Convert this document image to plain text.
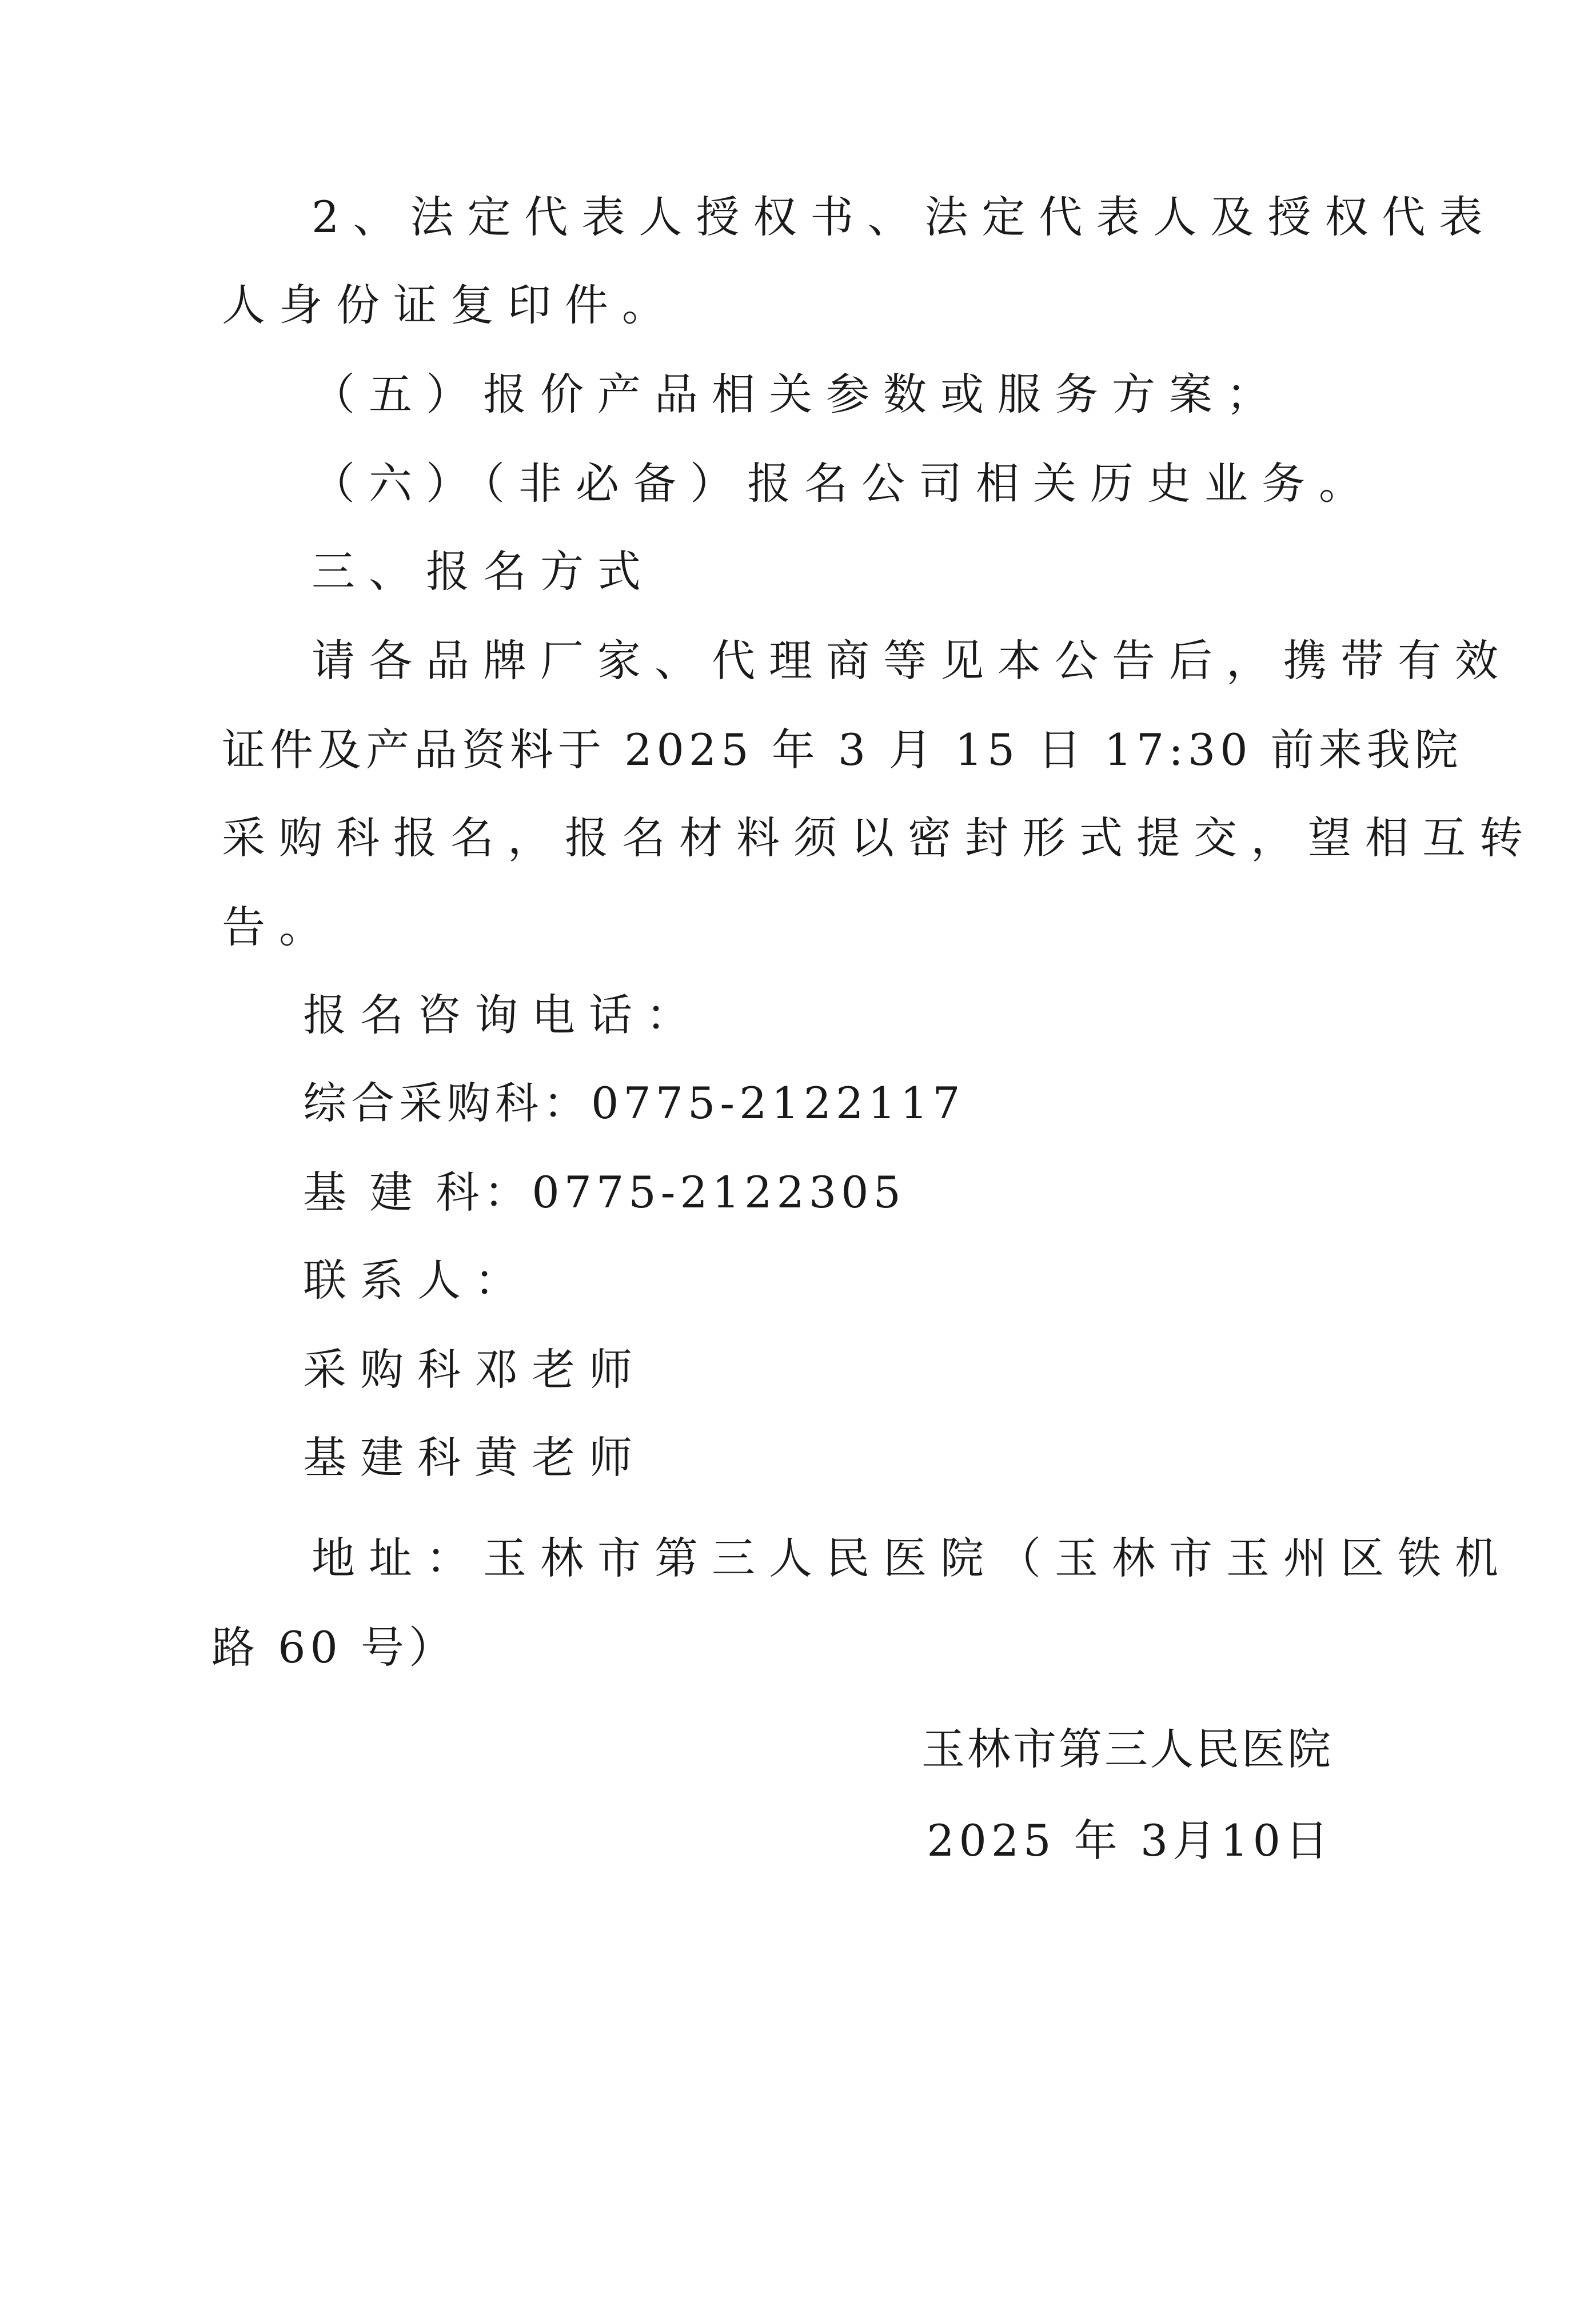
2、法定代表人授权书、法定代表人及授权代表
人身份证复印件。
（五）报价产品相关参数或服务方案；
（六）（非必备）报名公司相关历史业务。
三、报名方式
请各品牌厂家、代理商等见本公告后，携带有效
证件及产品资料于 2025 年 3 月 15 日 17:30 前来我院
采购科报名，报名材料须以密封形式提交，望相互转
告。
报名咨询电话：
综合采购科：0775-2122117
基 建 科：0775-2122305
联系人：
采购科邓老师
基建科黄老师
地址：玉林市第三人民医院（玉林市玉州区铁机
路 60 号）
玉林市第三人民医院
2025 年 3月10日
